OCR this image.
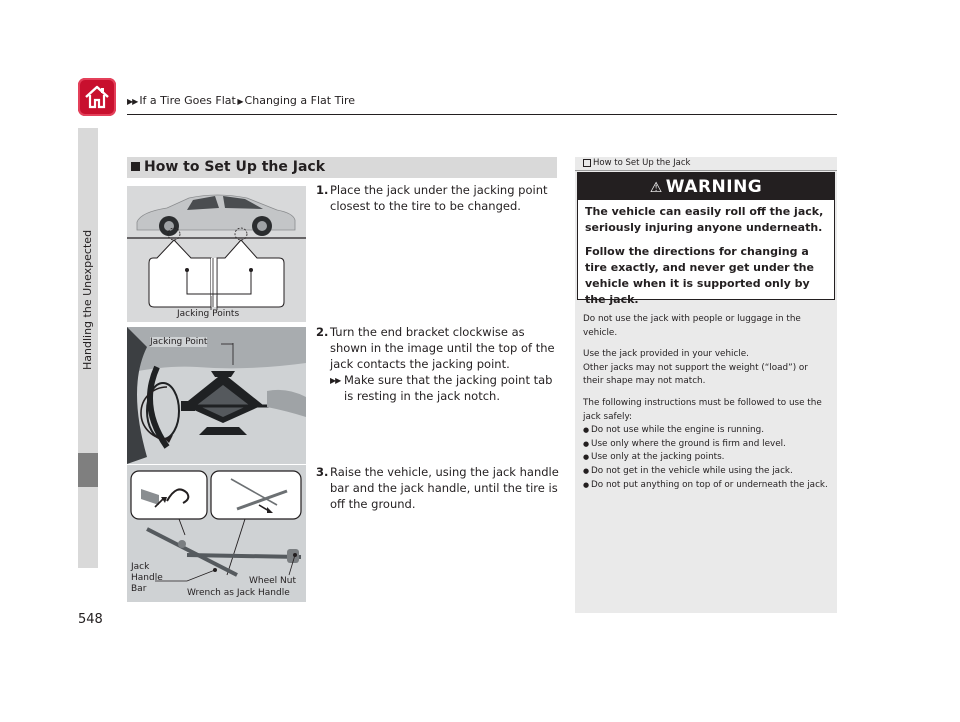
▶▶ If a Tire Goes Flat ▶ Changing a Flat Tire
Handling the Unexpected
548
How to Set Up the Jack
Jacking Points
Jacking Point
Jack Handle Bar
Wheel Nut
Wrench as Jack Handle
1. Place the jack under the jacking point closest to the tire to be changed.
2. Turn the end bracket clockwise as shown in the image until the top of the jack contacts the jacking point.
▶▶ Make sure that the jacking point tab is resting in the jack notch.
3. Raise the vehicle, using the jack handle bar and the jack handle, until the tire is off the ground.
How to Set Up the Jack
⚠ WARNING

The vehicle can easily roll off the jack, seriously injuring anyone underneath.

Follow the directions for changing a tire exactly, and never get under the vehicle when it is supported only by the jack.

Do not use the jack with people or luggage in the vehicle.

Use the jack provided in your vehicle.
Other jacks may not support the weight (“load”) or their shape may not match.

The following instructions must be followed to use the jack safely:

● Do not use while the engine is running.
● Use only where the ground is firm and level.
● Use only at the jacking points.
● Do not get in the vehicle while using the jack.
● Do not put anything on top of or underneath the jack.
